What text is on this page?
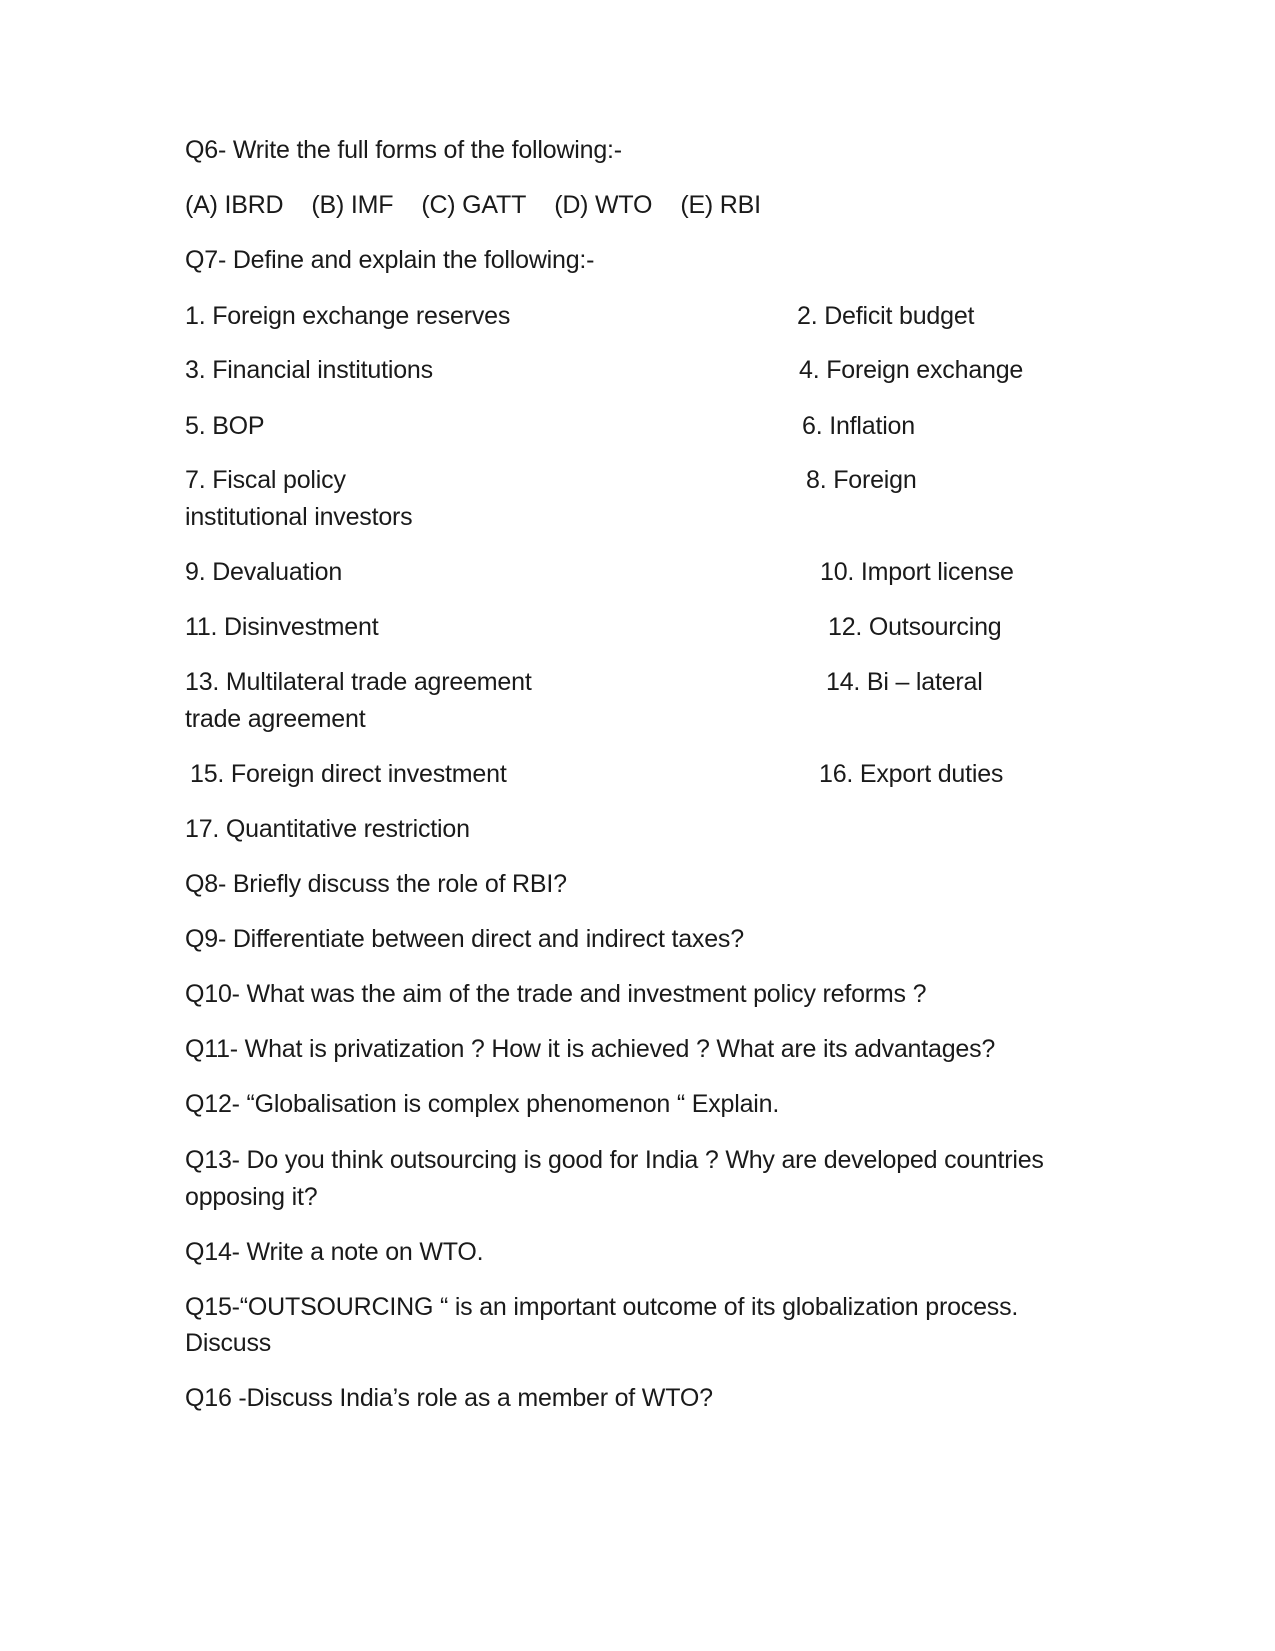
Q6- Write the full forms of the following:-
(A) IBRD (B) IMF (C) GATT (D) WTO (E) RBI
Q7- Define and explain the following:-
1. Foreign exchange reserves	2. Deficit budget
3. Financial institutions	4. Foreign exchange
5. BOP	6. Inflation
7. Fiscal policy	8. Foreign
institutional investors
9. Devaluation	10. Import license
11. Disinvestment	12. Outsourcing
13. Multilateral trade agreement	14. Bi – lateral
trade agreement
15. Foreign direct investment	16. Export duties
17. Quantitative restriction
Q8- Briefly discuss the role of RBI?
Q9- Differentiate between direct and indirect taxes?
Q10- What was the aim of the trade and investment policy reforms ?
Q11- What is privatization ? How it is achieved ? What are its advantages?
Q12- “Globalisation is complex phenomenon “ Explain.
Q13- Do you think outsourcing is good for India ? Why are developed countries
opposing it?
Q14- Write a note on WTO.
Q15-“OUTSOURCING “ is an important outcome of its globalization process.
Discuss
Q16 -Discuss India’s role as a member of WTO?
